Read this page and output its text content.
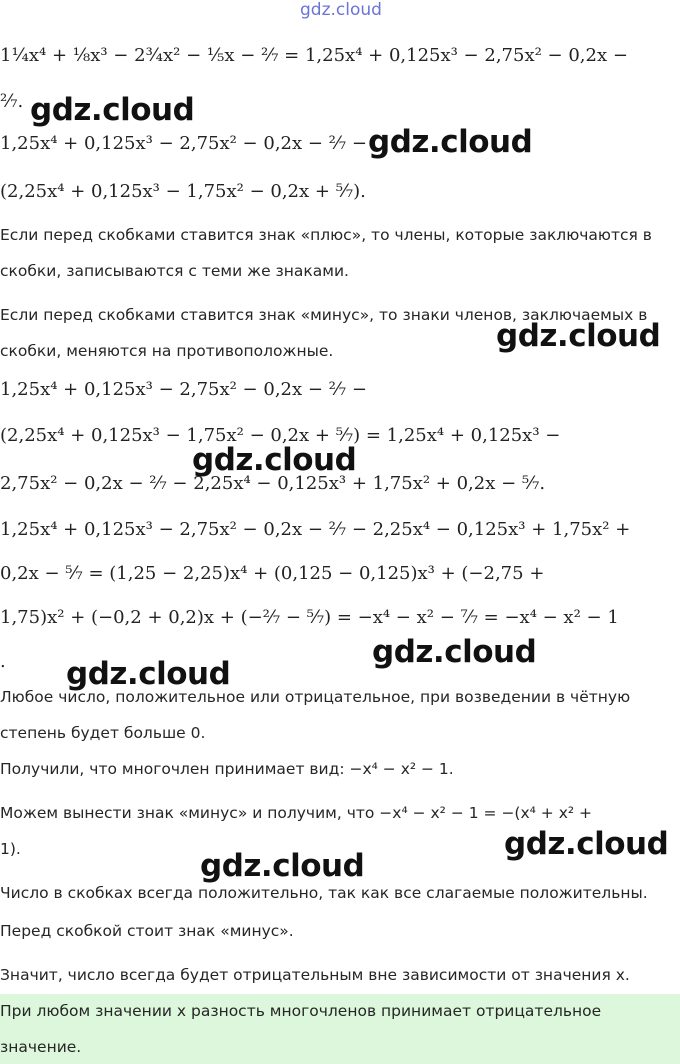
gdz.cloud
1¹⁄₄x⁴ + ¹⁄₈x³ − 2³⁄₄x² − ¹⁄₅x − ²⁄₇ = 1,25x⁴ + 0,125x³ − 2,75x² − 0,2x −
²⁄₇. gdz.cloud
1,25x⁴ + 0,125x³ − 2,75x² − 0,2x − ²⁄₇ − gdz.cloud
(2,25x⁴ + 0,125x³ − 1,75x² − 0,2x + ⁵⁄₇).
Если перед скобками ставится знак «плюс», то члены, которые заключаются в
скобки, записываются с теми же знаками.
Если перед скобками ставится знак «минус», то знаки членов, заключаемых в
gdz.cloud
скобки, меняются на противоположные.
1,25x⁴ + 0,125x³ − 2,75x² − 0,2x − ²⁄₇ −
(2,25x⁴ + 0,125x³ − 1,75x² − 0,2x + ⁵⁄₇) = 1,25x⁴ + 0,125x³ −
gdz.cloud
2,75x² − 0,2x − ²⁄₇ − 2,25x⁴ − 0,125x³ + 1,75x² + 0,2x − ⁵⁄₇.
1,25x⁴ + 0,125x³ − 2,75x² − 0,2x − ²⁄₇ − 2,25x⁴ − 0,125x³ + 1,75x² +
0,2x − ⁵⁄₇ = (1,25 − 2,25)x⁴ + (0,125 − 0,125)x³ + (−2,75 +
1,75)x² + (−0,2 + 0,2)x + (−²⁄₇ − ⁵⁄₇) = −x⁴ − x² − ⁷⁄₇ = −x⁴ − x² − 1
gdz.cloud
. gdz.cloud
Любое число, положительное или отрицательное, при возведении в чётную
степень будет больше 0.
Получили, что многочлен принимает вид: −x⁴ − x² − 1.
Можем вынести знак «минус» и получим, что −x⁴ − x² − 1 = −(x⁴ + x² +
gdz.cloud
1).	gdz.cloud
Число в скобках всегда положительно, так как все слагаемые положительны.
Перед скобкой стоит знак «минус».
Значит, число всегда будет отрицательным вне зависимости от значения x.
При любом значении x разность многочленов принимает отрицательное
значение.
